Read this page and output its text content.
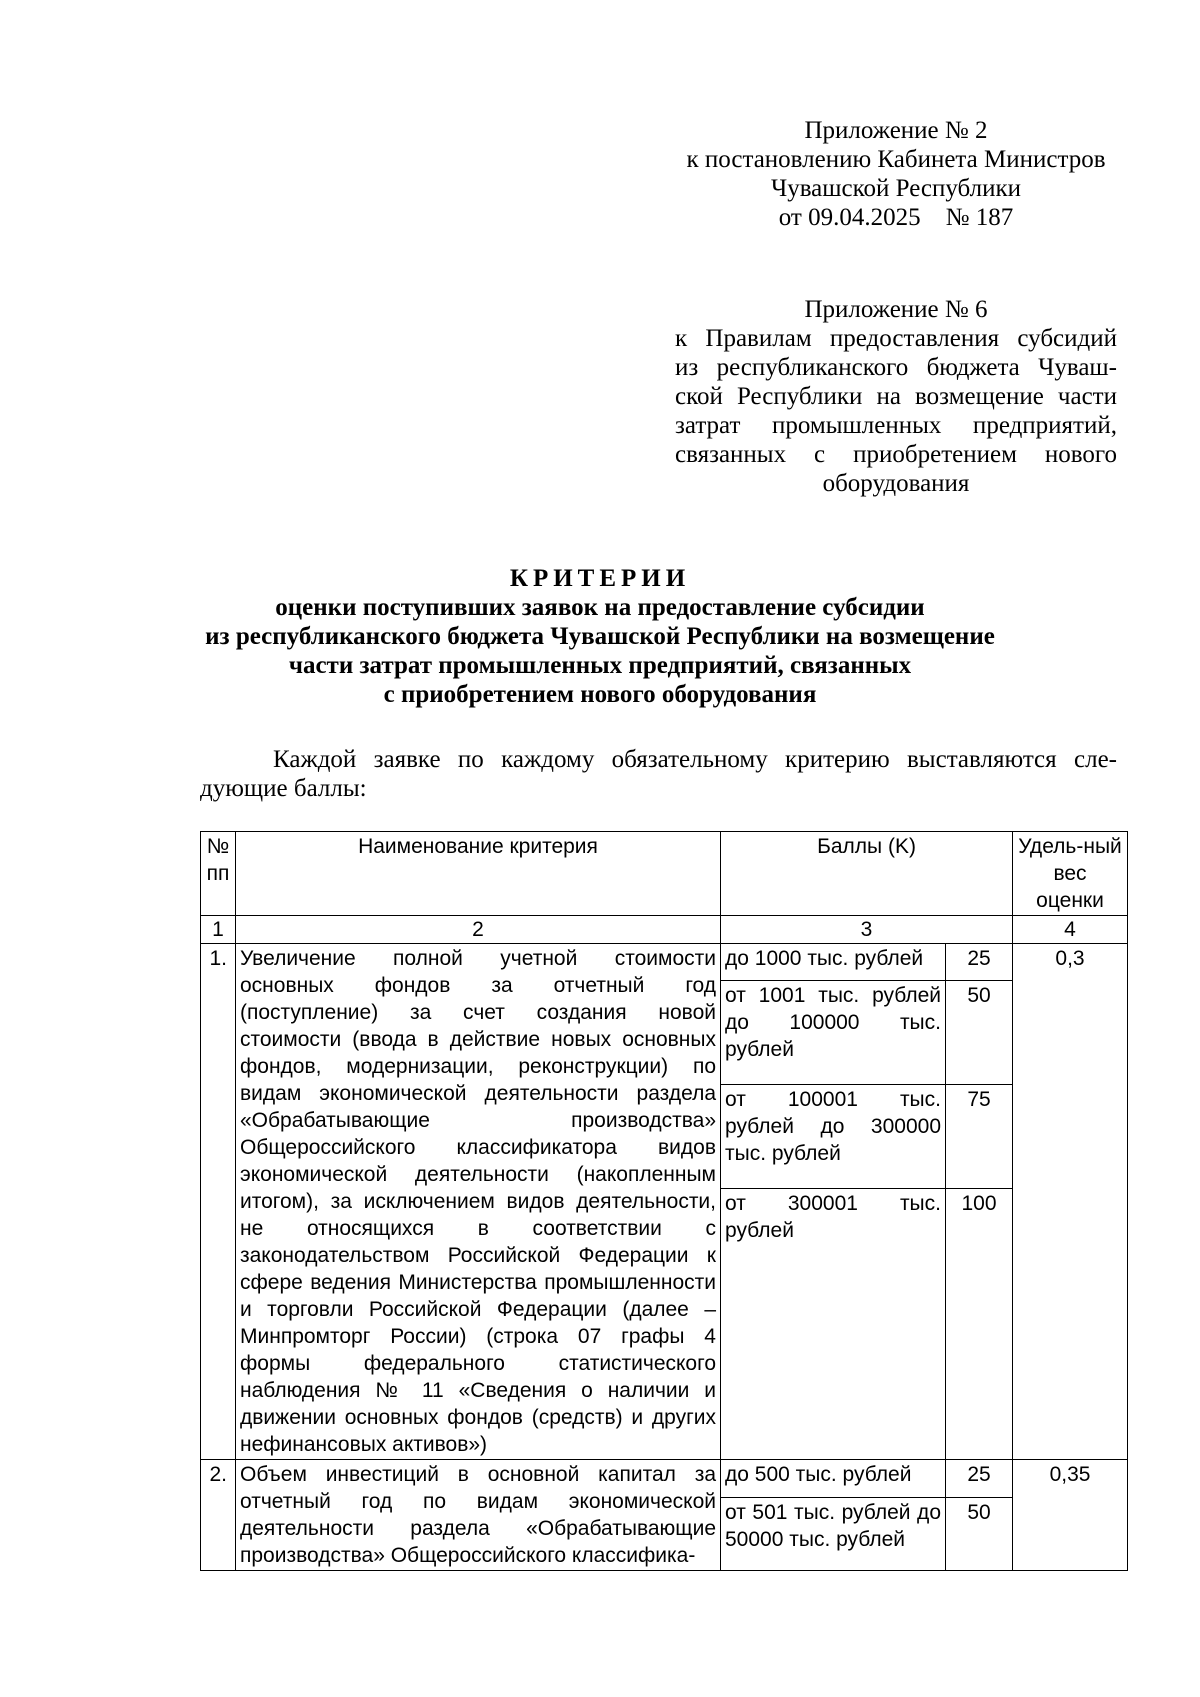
Приложение № 2
к постановлению Кабинета Министров
Чувашской Республики
от 09.04.2025    № 187
Приложение № 6
к Правилам предоставления субсидий
из республиканского бюджета Чуваш-
ской Республики на возмещение части
затрат промышленных предприятий,
связанных с приобретением нового
оборудования
КРИТЕРИИ
оценки поступивших заявок на предоставление субсидии
из республиканского бюджета Чувашской Республики на возмещение
части затрат промышленных предприятий, связанных
с приобретением нового оборудования
Каждой заявке по каждому обязательному критерию выставляются сле-
дующие баллы:
№ пп	Наименование критерия	Баллы (K)		Удель-ный вес оценки
1	2	3		4
1.	Увеличение полной учетной стоимости основных фондов за отчетный год (поступление) за счет создания новой стоимости (ввода в действие новых основных фондов, модернизации, реконструкции) по видам экономической деятельности раздела «Обрабатывающие производства» Общероссийского классификатора видов экономической деятельности (накопленным итогом), за исключением видов деятельности, не относящихся в соответствии с законодательством Российской Федерации к сфере ведения Министерства промышленности и торговли Российской Федерации (далее – Минпромторг России) (строка 07 графы 4 формы федерального статистического наблюдения № 11 «Сведения о наличии и движении основных фондов (средств) и других нефинансовых активов»)	до 1000 тыс. рублей	25	0,3
		от 1001 тыс. рублей до 100000 тыс. рублей	50	
		от 100001 тыс. рублей до 300000 тыс. рублей	75	
		от 300001 тыс. рублей	100	
2.	Объем инвестиций в основной капитал за отчетный год по видам экономической деятельности раздела «Обрабатывающие производства» Общероссийского классифика-	до 500 тыс. рублей	25	0,35
		от 501 тыс. рублей до 50000 тыс. рублей	50	
